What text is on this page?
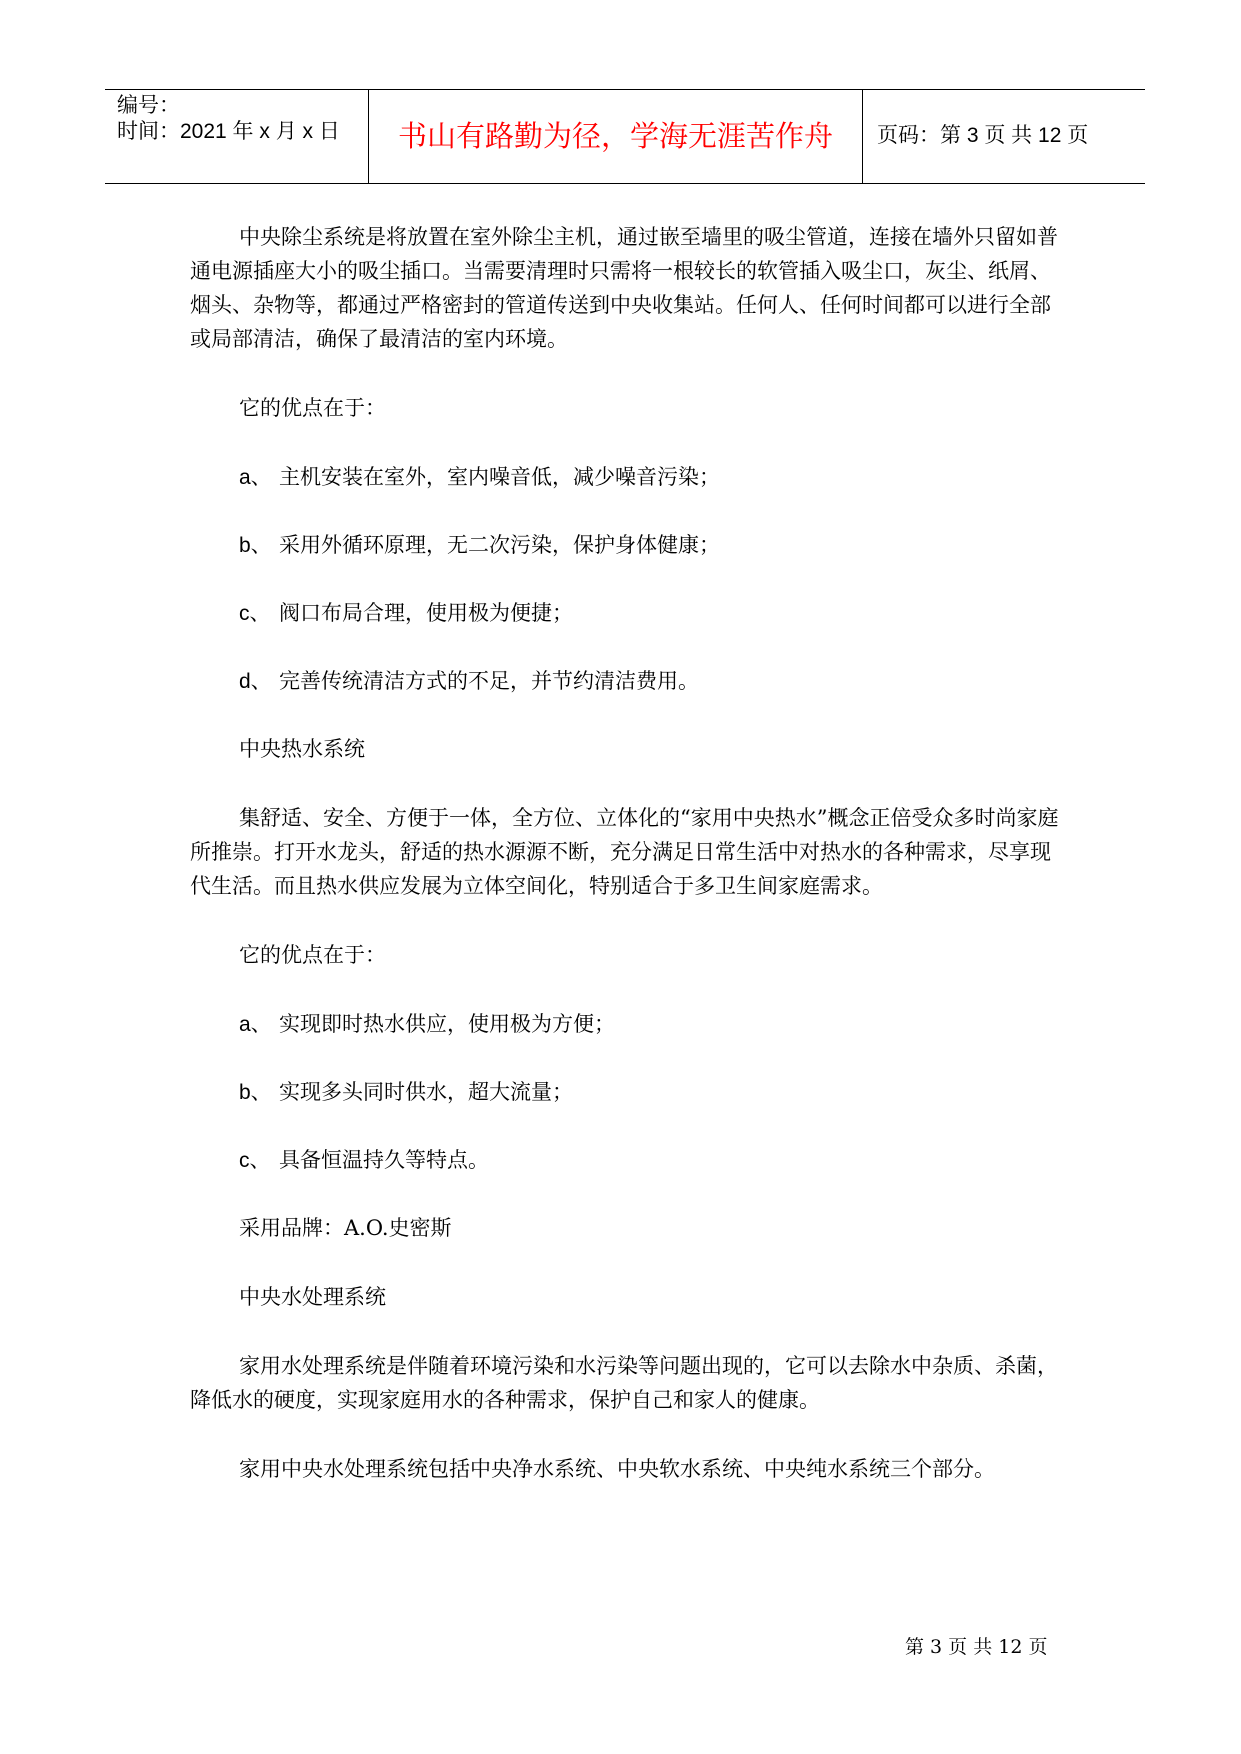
编号：
时间：2021 年 x 月 x 日	书山有路勤为径，学海无涯苦作舟	页码：第 3 页 共 12 页

中央除尘系统是将放置在室外除尘主机，通过嵌至墙里的吸尘管道，连接在墙外只留如普通电源插座大小的吸尘插口。当需要清理时只需将一根较长的软管插入吸尘口，灰尘、纸屑、烟头、杂物等，都通过严格密封的管道传送到中央收集站。任何人、任何时间都可以进行全部或局部清洁，确保了最清洁的室内环境。

它的优点在于：

a、 主机安装在室外，室内噪音低，减少噪音污染；

b、 采用外循环原理，无二次污染，保护身体健康；

c、 阀口布局合理，使用极为便捷；

d、 完善传统清洁方式的不足，并节约清洁费用。

中央热水系统

集舒适、安全、方便于一体，全方位、立体化的“家用中央热水”概念正倍受众多时尚家庭所推崇。打开水龙头，舒适的热水源源不断，充分满足日常生活中对热水的各种需求，尽享现代生活。而且热水供应发展为立体空间化，特别适合于多卫生间家庭需求。

它的优点在于：

a、 实现即时热水供应，使用极为方便；

b、 实现多头同时供水，超大流量；

c、 具备恒温持久等特点。

采用品牌：A.O.史密斯

中央水处理系统

家用水处理系统是伴随着环境污染和水污染等问题出现的，它可以去除水中杂质、杀菌，降低水的硬度，实现家庭用水的各种需求，保护自己和家人的健康。

家用中央水处理系统包括中央净水系统、中央软水系统、中央纯水系统三个部分。

第 3 页 共 12 页
